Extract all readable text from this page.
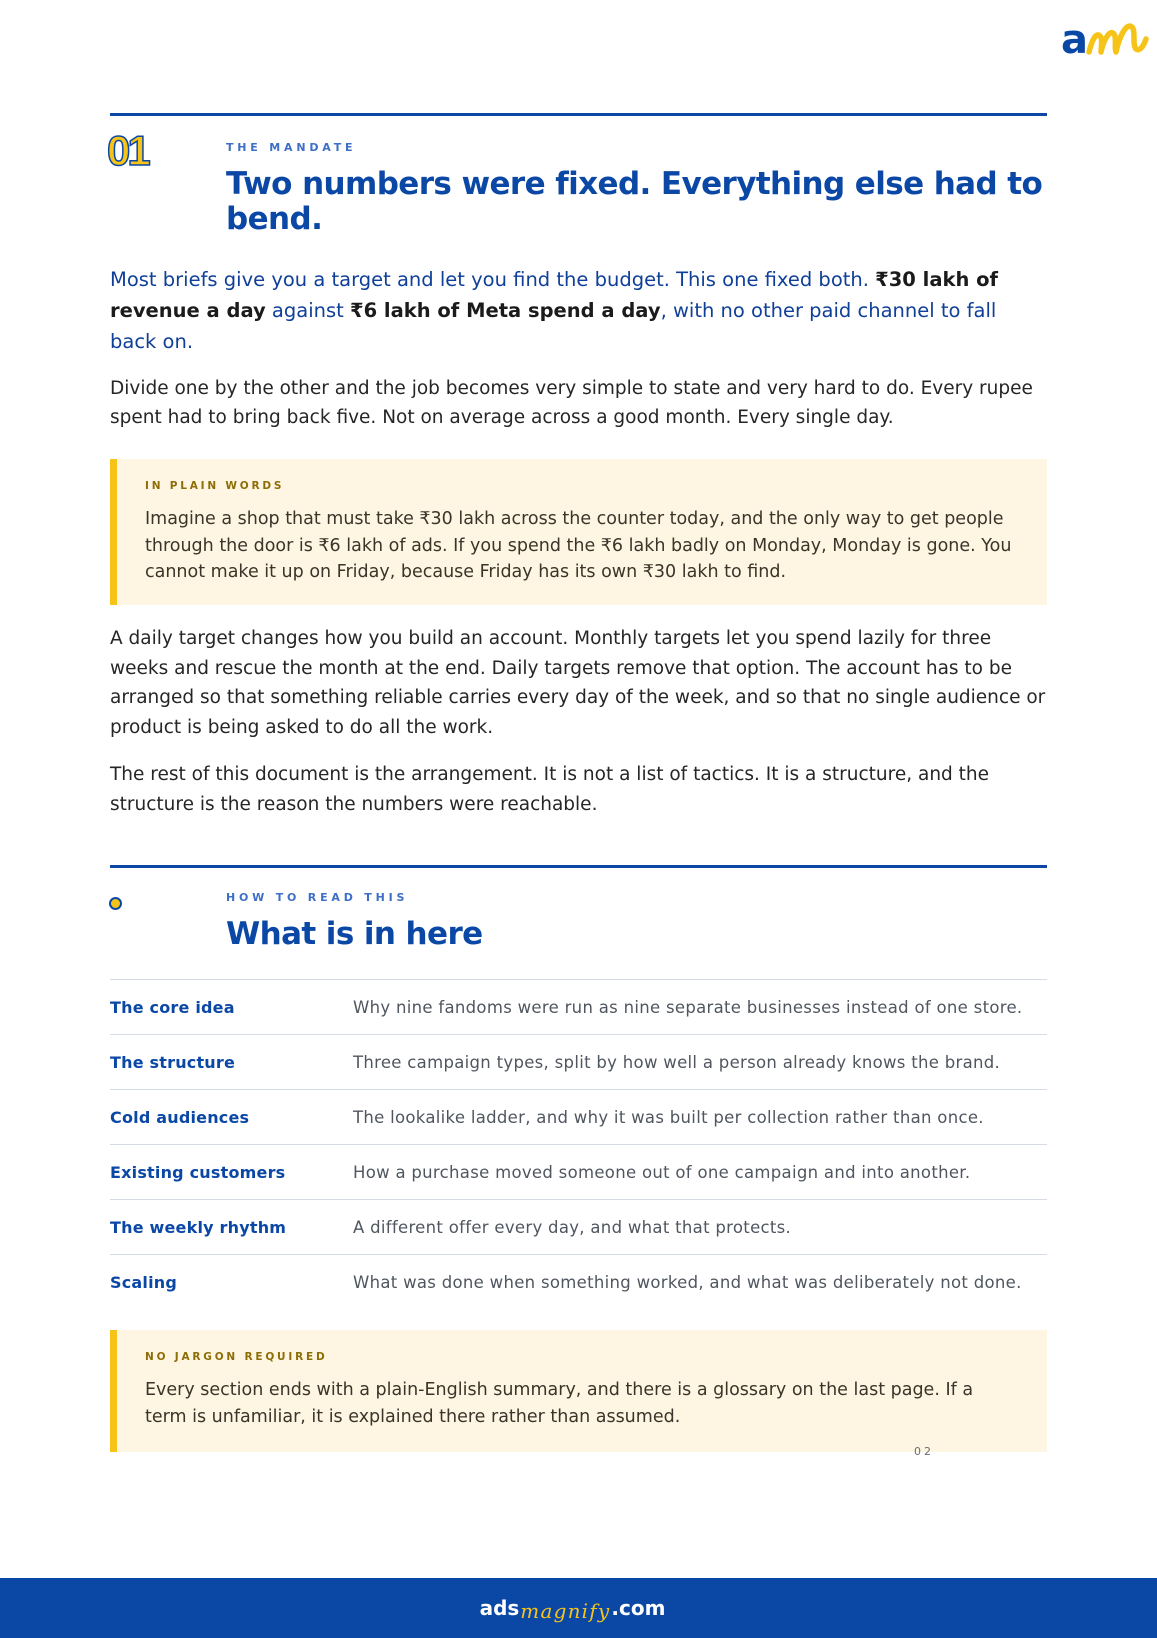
a
01	THE MANDATE
Two numbers were fixed. Everything else had to bend.

Most briefs give you a target and let you find the budget. This one fixed both. ₹30 lakh of revenue a day against ₹6 lakh of Meta spend a day, with no other paid channel to fall back on.

Divide one by the other and the job becomes very simple to state and very hard to do. Every rupee spent had to bring back five. Not on average across a good month. Every single day.

IN PLAIN WORDS
Imagine a shop that must take ₹30 lakh across the counter today, and the only way to get people through the door is ₹6 lakh of ads. If you spend the ₹6 lakh badly on Monday, Monday is gone. You cannot make it up on Friday, because Friday has its own ₹30 lakh to find.

A daily target changes how you build an account. Monthly targets let you spend lazily for three weeks and rescue the month at the end. Daily targets remove that option. The account has to be arranged so that something reliable carries every day of the week, and so that no single audience or product is being asked to do all the work.

The rest of this document is the arrangement. It is not a list of tactics. It is a structure, and the structure is the reason the numbers were reachable.

HOW TO READ THIS
What is in here
The core idea	Why nine fandoms were run as nine separate businesses instead of one store.
The structure	Three campaign types, split by how well a person already knows the brand.
Cold audiences	The lookalike ladder, and why it was built per collection rather than once.
Existing customers	How a purchase moved someone out of one campaign and into another.
The weekly rhythm	A different offer every day, and what that protects.
Scaling	What was done when something worked, and what was deliberately not done.
NO JARGON REQUIRED
Every section ends with a plain-English summary, and there is a glossary on the last page. If a term is unfamiliar, it is explained there rather than assumed.
02
ads magnify .com
